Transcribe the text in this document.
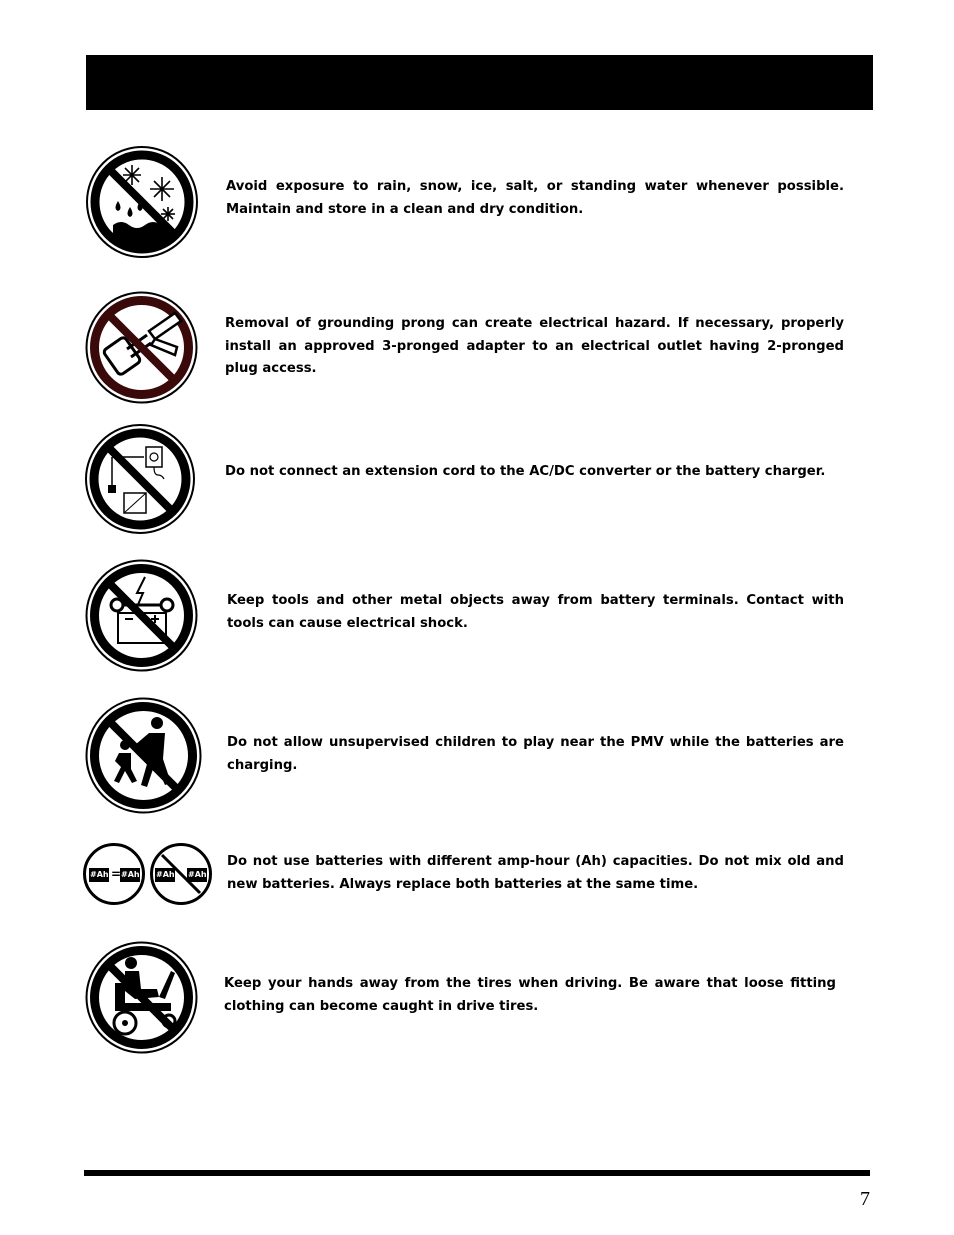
Avoid exposure to rain, snow, ice, salt, or standing water whenever possible. Maintain and store in a clean and dry condition.

Removal of grounding prong can create electrical hazard. If necessary, properly install an approved 3-pronged adapter to an electrical outlet having 2-pronged plug access.

Do not connect an extension cord to the AC/DC converter or the battery charger.

Keep tools and other metal objects away from battery terminals. Contact with tools can cause electrical shock.

Do not allow unsupervised children to play near the PMV while the batteries are charging.

#Ah = #Ah #Ah #Ah

Do not use batteries with different amp-hour (Ah) capacities. Do not mix old and new batteries. Always replace both batteries at the same time.

Keep your hands away from the tires when driving. Be aware that loose fitting clothing can become caught in drive tires.

7
